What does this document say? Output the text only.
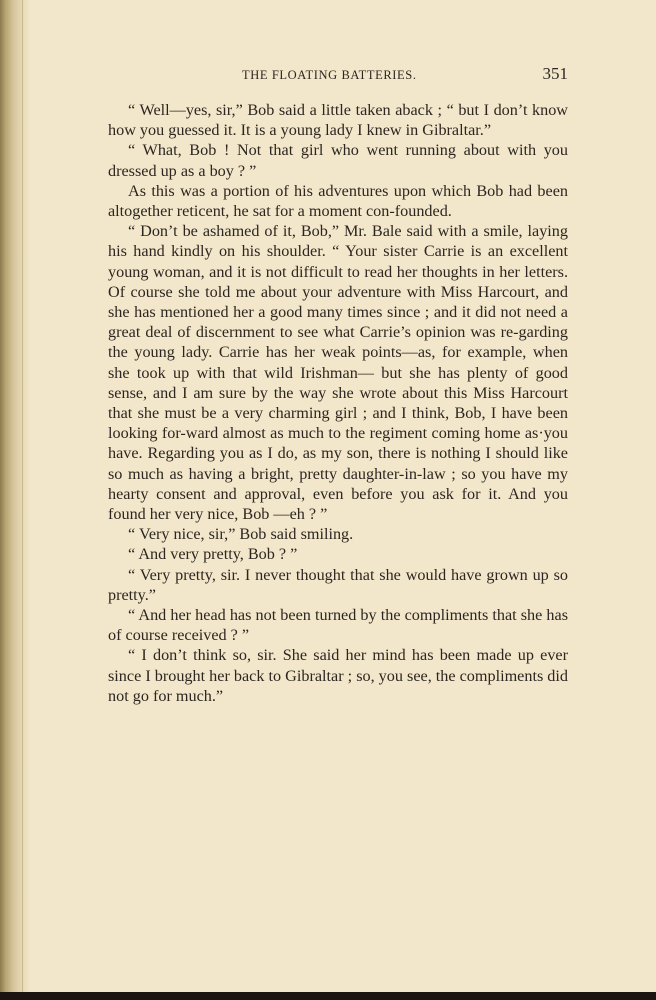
THE FLOATING BATTERIES.	351

“ Well—yes, sir,” Bob said a little taken aback ; “ but I don’t know how you guessed it. It is a young lady I knew in Gibraltar.”

“ What, Bob ! Not that girl who went running about with you dressed up as a boy ? ”

As this was a portion of his adventures upon which Bob had been altogether reticent, he sat for a moment con-founded.

“ Don’t be ashamed of it, Bob,” Mr. Bale said with a smile, laying his hand kindly on his shoulder. “ Your sister Carrie is an excellent young woman, and it is not difficult to read her thoughts in her letters. Of course she told me about your adventure with Miss Harcourt, and she has mentioned her a good many times since ; and it did not need a great deal of discernment to see what Carrie’s opinion was re-garding the young lady. Carrie has her weak points—as, for example, when she took up with that wild Irishman— but she has plenty of good sense, and I am sure by the way she wrote about this Miss Harcourt that she must be a very charming girl ; and I think, Bob, I have been looking for-ward almost as much to the regiment coming home as·you have. Regarding you as I do, as my son, there is nothing I should like so much as having a bright, pretty daughter-in-law ; so you have my hearty consent and approval, even before you ask for it. And you found her very nice, Bob —eh ? ”

“ Very nice, sir,” Bob said smiling.

“ And very pretty, Bob ? ”

“ Very pretty, sir. I never thought that she would have grown up so pretty.”

“ And her head has not been turned by the compliments that she has of course received ? ”

“ I don’t think so, sir. She said her mind has been made up ever since I brought her back to Gibraltar ; so, you see, the compliments did not go for much.”
